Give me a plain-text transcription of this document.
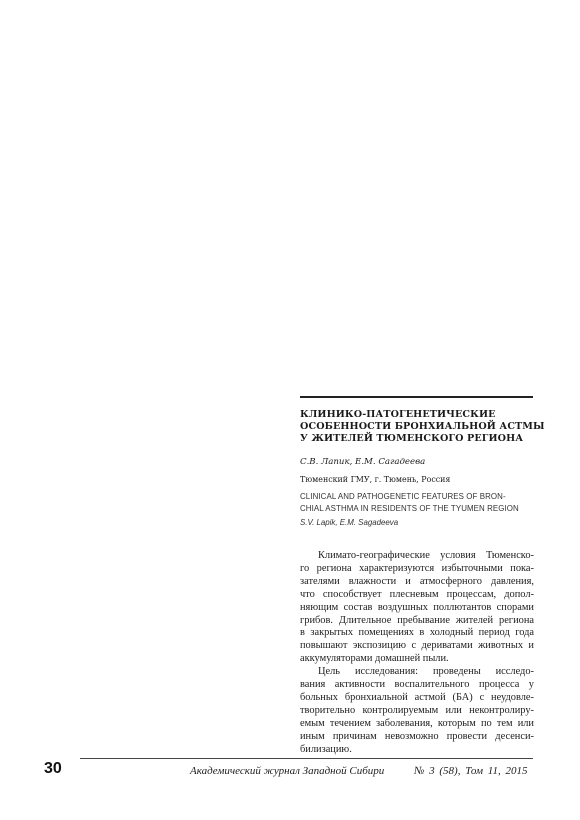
КЛИНИКО-ПАТОГЕНЕТИЧЕСКИЕ
ОСОБЕННОСТИ БРОНХИАЛЬНОЙ АСТМЫ
У ЖИТЕЛЕЙ ТЮМЕНСКОГО РЕГИОНА
С.В. Лапик, Е.М. Сагадеева
Тюменский ГМУ, г. Тюмень, Россия
CLINICAL AND PATHOGENETIC FEATURES OF BRON-
CHIAL ASTHMA IN RESIDENTS OF THE TYUMEN REGION
S.V. Lapik, E.M. Sagadeeva
Климато-географические условия Тюменско-
го региона характеризуются избыточными пока-
зателями влажности и атмосферного давления,
что способствует плесневым процессам, допол-
няющим состав воздушных поллютантов спорами
грибов. Длительное пребывание жителей региона
в закрытых помещениях в холодный период года
повышают экспозицию с дериватами животных и
аккумуляторами домашней пыли.
Цель исследования: проведены исследо-
вания активности воспалительного процесса у
больных бронхиальной астмой (БА) с неудовле-
творительно контролируемым или неконтролиру-
емым течением заболевания, которым по тем или
иным причинам невозможно провести десенси-
билизацию.
30	Академический журнал Западной Сибири	№ 3 (58), Том 11, 2015
